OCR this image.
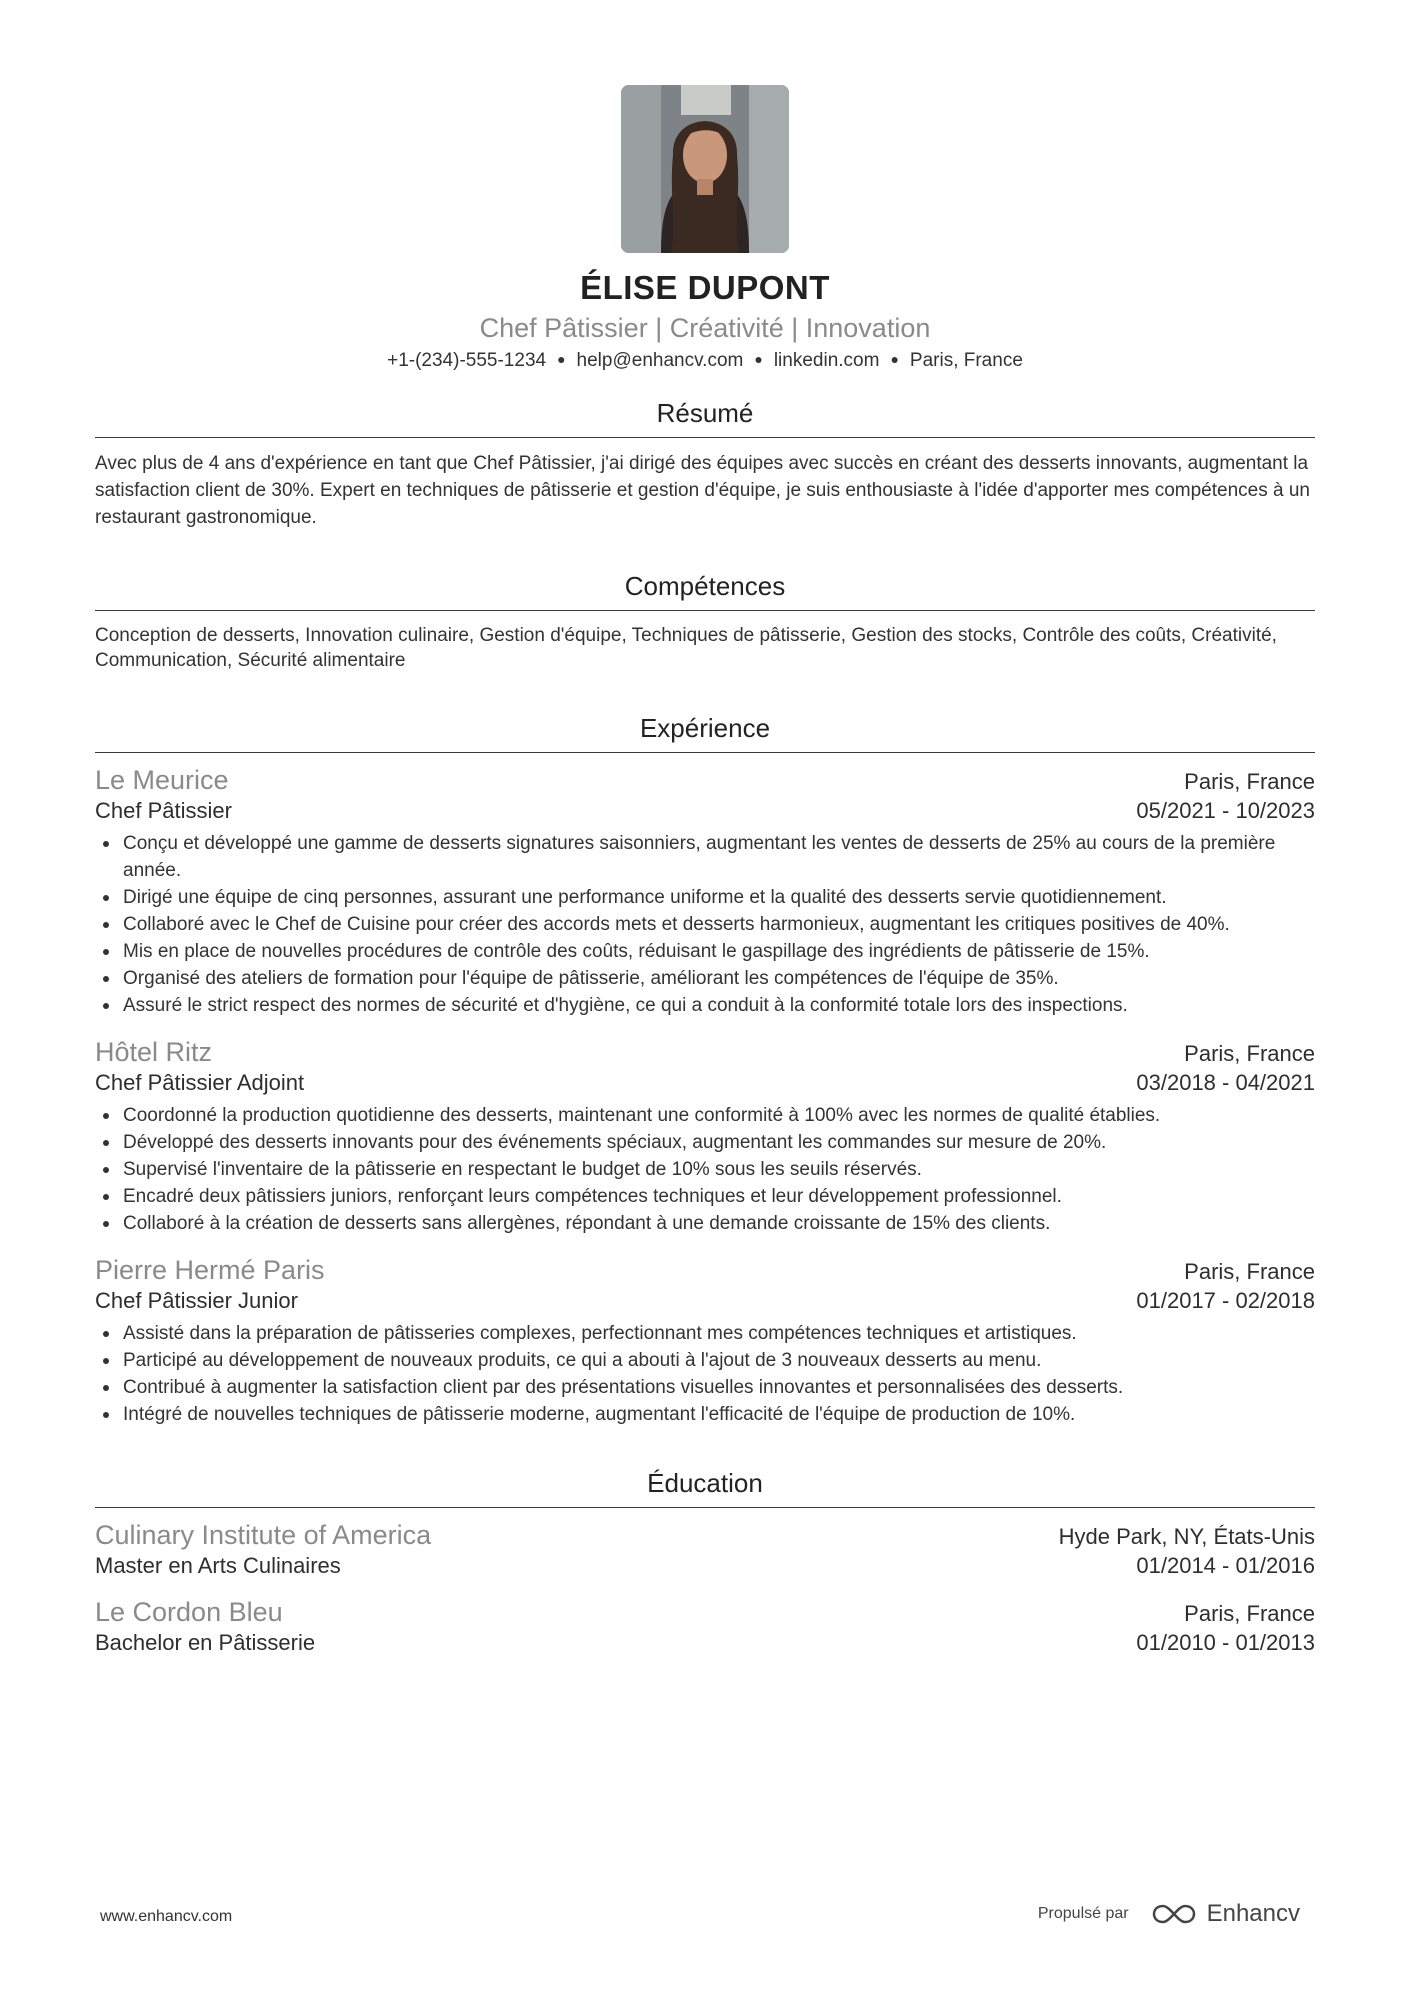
ÉLISE DUPONT
Chef Pâtissier | Créativité | Innovation
+1-(234)-555-1234 ● help@enhancv.com ● linkedin.com ● Paris, France
Résumé

Avec plus de 4 ans d'expérience en tant que Chef Pâtissier, j'ai dirigé des équipes avec succès en créant des desserts innovants, augmentant la satisfaction client de 30%. Expert en techniques de pâtisserie et gestion d'équipe, je suis enthousiaste à l'idée d'apporter mes compétences à un restaurant gastronomique.

Compétences

Conception de desserts, Innovation culinaire, Gestion d'équipe, Techniques de pâtisserie, Gestion des stocks, Contrôle des coûts, Créativité, Communication, Sécurité alimentaire

Expérience
Le Meurice	Paris, France
Chef Pâtissier	05/2021 - 10/2023
Conçu et développé une gamme de desserts signatures saisonniers, augmentant les ventes de desserts de 25% au cours de la première année.
Dirigé une équipe de cinq personnes, assurant une performance uniforme et la qualité des desserts servie quotidiennement.
Collaboré avec le Chef de Cuisine pour créer des accords mets et desserts harmonieux, augmentant les critiques positives de 40%.
Mis en place de nouvelles procédures de contrôle des coûts, réduisant le gaspillage des ingrédients de pâtisserie de 15%.
Organisé des ateliers de formation pour l'équipe de pâtisserie, améliorant les compétences de l'équipe de 35%.
Assuré le strict respect des normes de sécurité et d'hygiène, ce qui a conduit à la conformité totale lors des inspections.
Hôtel Ritz	Paris, France
Chef Pâtissier Adjoint	03/2018 - 04/2021
Coordonné la production quotidienne des desserts, maintenant une conformité à 100% avec les normes de qualité établies.
Développé des desserts innovants pour des événements spéciaux, augmentant les commandes sur mesure de 20%.
Supervisé l'inventaire de la pâtisserie en respectant le budget de 10% sous les seuils réservés.
Encadré deux pâtissiers juniors, renforçant leurs compétences techniques et leur développement professionnel.
Collaboré à la création de desserts sans allergènes, répondant à une demande croissante de 15% des clients.
Pierre Hermé Paris	Paris, France
Chef Pâtissier Junior	01/2017 - 02/2018
Assisté dans la préparation de pâtisseries complexes, perfectionnant mes compétences techniques et artistiques.
Participé au développement de nouveaux produits, ce qui a abouti à l'ajout de 3 nouveaux desserts au menu.
Contribué à augmenter la satisfaction client par des présentations visuelles innovantes et personnalisées des desserts.
Intégré de nouvelles techniques de pâtisserie moderne, augmentant l'efficacité de l'équipe de production de 10%.
Éducation
Culinary Institute of America	Hyde Park, NY, États-Unis
Master en Arts Culinaires	01/2014 - 01/2016
Le Cordon Bleu	Paris, France
Bachelor en Pâtisserie	01/2010 - 01/2013
www.enhancv.com	Propulsé par	Enhancv
